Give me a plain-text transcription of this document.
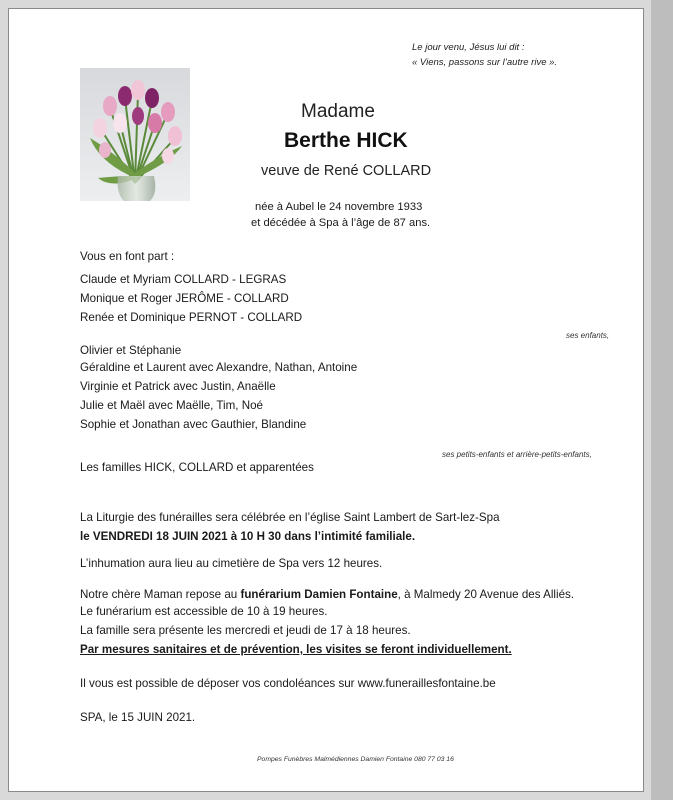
Le jour venu, Jésus lui dit :
« Viens, passons sur l’autre rive ».
Madame
Berthe HICK
veuve de René COLLARD
née à Aubel le 24 novembre 1933
et décédée à Spa à l’âge de 87 ans.
Vous en font part :
Claude et Myriam COLLARD - LEGRAS
Monique et Roger JERÔME - COLLARD
Renée et Dominique PERNOT - COLLARD
ses enfants,
Olivier et Stéphanie
Géraldine et Laurent avec Alexandre, Nathan, Antoine
Virginie et Patrick avec Justin, Anaëlle
Julie et Maël avec Maëlle, Tim, Noé
Sophie et Jonathan avec Gauthier, Blandine
ses petits-enfants et arrière-petits-enfants,
Les familles HICK, COLLARD et apparentées
La Liturgie des funérailles sera célébrée en l’église Saint Lambert de Sart-lez-Spa
le VENDREDI 18 JUIN 2021 à 10 H 30 dans l’intimité familiale.
L’inhumation aura lieu au cimetière de Spa vers 12 heures.
Notre chère Maman repose au funérarium Damien Fontaine, à Malmedy 20 Avenue des Alliés.
Le funérarium est accessible de 10 à 19 heures.
La famille sera présente les mercredi et jeudi de 17 à 18 heures.
Par mesures sanitaires et de prévention, les visites se feront individuellement.
Il vous est possible de déposer vos condoléances sur www.funeraillesfontaine.be
SPA, le 15 JUIN 2021.
Pompes Funèbres Malmédiennes Damien Fontaine 080 77 03 16
